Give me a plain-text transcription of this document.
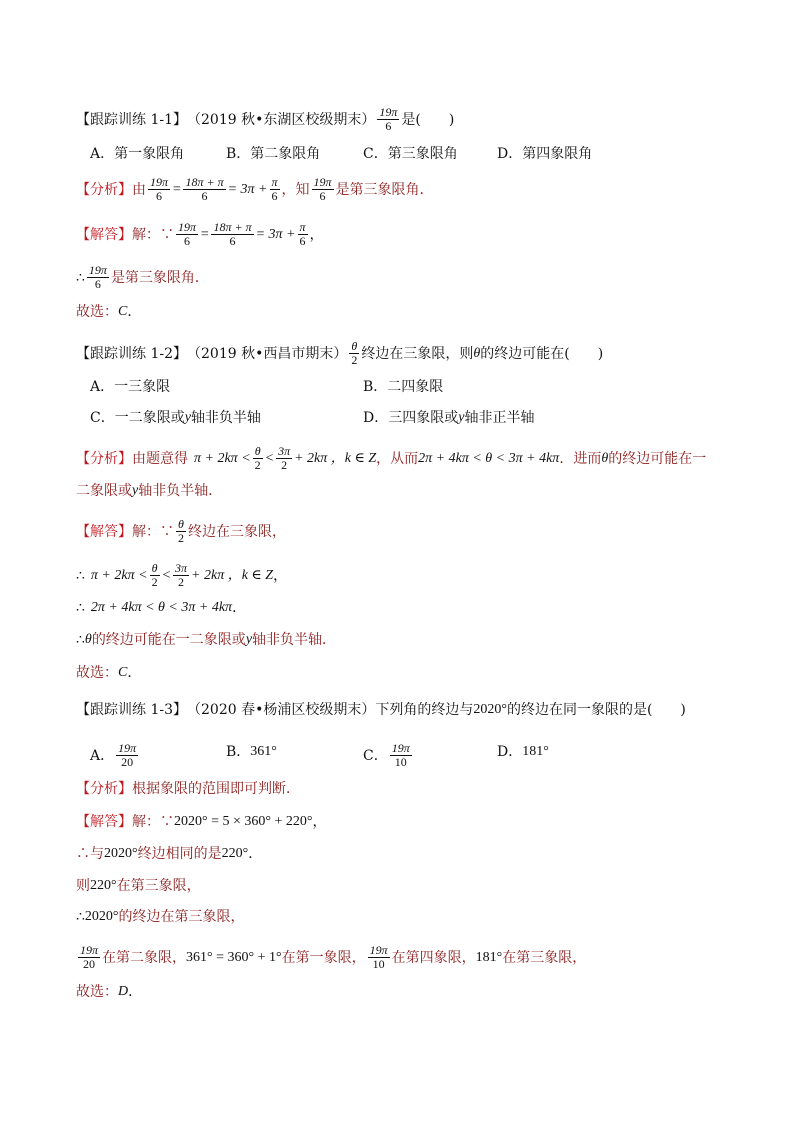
【跟踪训练 1-1】 （2019 秋•东湖区校级期末） $\frac{19\pi}{6}$ 是(　　)
A．第一象限角	B．第二象限角	C．第三象限角	D．第四象限角
【分析】 由 $\frac{19\pi}{6} = \frac{18\pi + \pi}{6} = 3\pi + \frac{\pi}{6}$ ，知 $\frac{19\pi}{6}$ 是第三象限角．
【解答】 解：∵ $\frac{19\pi}{6} = \frac{18\pi + \pi}{6} = 3\pi + \frac{\pi}{6}$ ，
∴ $\frac{19\pi}{6}$ 是第三象限角．
故选： C ．
【跟踪训练 1-2】 （2019 秋•西昌市期末） $\frac{\theta}{2}$ 终边在三象限，则 θ 的终边可能在(　　)
A．一三象限	B．二四象限
C．一二象限或 y 轴非负半轴	D．三四象限或 y 轴非正半轴
【分析】 由题意得 $\pi + 2k\pi < \frac{\theta}{2} < \frac{3\pi}{2} + 2k\pi$ ， k ∈ Z ，从而 2π + 4kπ < θ < 3π + 4kπ ．进而 θ 的终边可能在一
二象限或 y 轴非负半轴．
【解答】 解：∵ $\frac{\theta}{2}$ 终边在三象限，
∴ $\pi + 2k\pi < \frac{\theta}{2} < \frac{3\pi}{2} + 2k\pi$ ， k ∈ Z ，
∴ 2π + 4kπ < θ < 3π + 4kπ ．
∴ θ 的终边可能在一二象限或 y 轴非负半轴．
故选： C ．
【跟踪训练 1-3】 （2020 春•杨浦区校级期末） 下列角的终边与 2020° 的终边在同一象限的是(　　)
A． $\frac{19\pi}{20}$	B． 361°	C． $\frac{19\pi}{10}$	D． 181°
【分析】 根据象限的范围即可判断．
【解答】 解：∵ 2020° = 5 × 360° + 220° ，
∴与 2020° 终边相同的是 220° ．
则 220° 在第三象限，
∴ 2020° 的终边在第三象限，
$\frac{19\pi}{20}$ 在第二象限， 361° = 360° + 1° 在第一象限， $\frac{19\pi}{10}$ 在第四象限， 181° 在第三象限，
故选： D ．
